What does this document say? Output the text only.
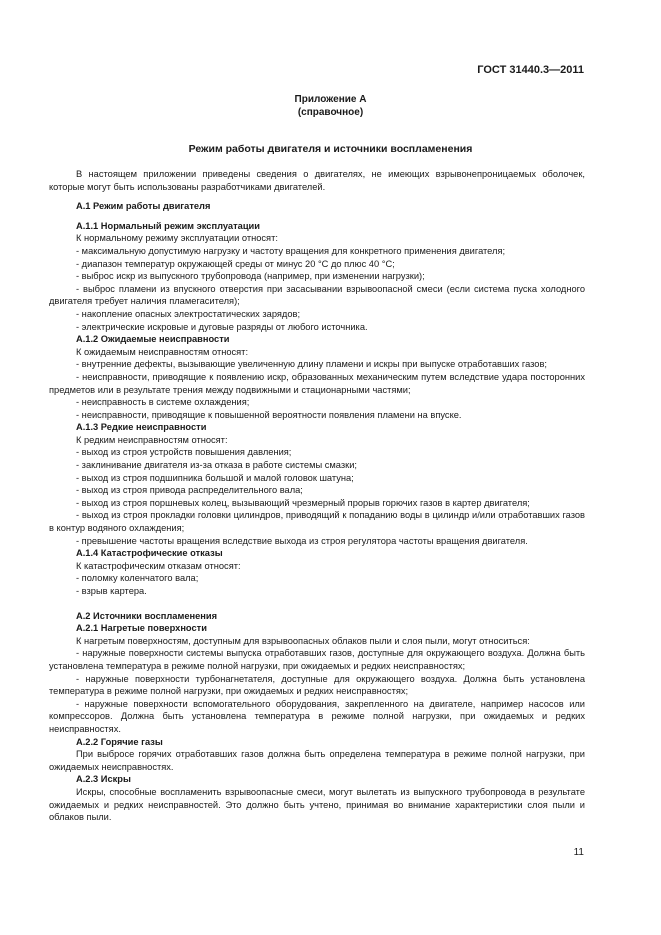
ГОСТ 31440.3—2011
Приложение А
(справочное)
Режим работы двигателя и источники воспламенения

В настоящем приложении приведены сведения о двигателях, не имеющих взрывонепроницаемых оболочек, которые могут быть использованы разработчиками двигателей.

А.1 Режим работы двигателя

А.1.1 Нормальный режим эксплуатации

К нормальному режиму эксплуатации относят:

- максимальную допустимую нагрузку и частоту вращения для конкретного применения двигателя;

- диапазон температур окружающей среды от минус 20 °С до плюс 40 °С;

- выброс искр из выпускного трубопровода (например, при изменении нагрузки);

- выброс пламени из впускного отверстия при засасывании взрывоопасной смеси (если система пуска холодного двигателя требует наличия пламегасителя);

- накопление опасных электростатических зарядов;

- электрические искровые и дуговые разряды от любого источника.

А.1.2 Ожидаемые неисправности

К ожидаемым неисправностям относят:

- внутренние дефекты, вызывающие увеличенную длину пламени и искры при выпуске отработавших газов;

- неисправности, приводящие к появлению искр, образованных механическим путем вследствие удара посторонних предметов или в результате трения между подвижными и стационарными частями;

- неисправность в системе охлаждения;

- неисправности, приводящие к повышенной вероятности появления пламени на впуске.

А.1.3 Редкие неисправности

К редким неисправностям относят:

- выход из строя устройств повышения давления;

- заклинивание двигателя из-за отказа в работе системы смазки;

- выход из строя подшипника большой и малой головок шатуна;

- выход из строя привода распределительного вала;

- выход из строя поршневых колец, вызывающий чрезмерный прорыв горючих газов в картер двигателя;

- выход из строя прокладки головки цилиндров, приводящий к попаданию воды в цилиндр и/или отработавших газов в контур водяного охлаждения;

- превышение частоты вращения вследствие выхода из строя регулятора частоты вращения двигателя.

А.1.4 Катастрофические отказы

К катастрофическим отказам относят:

- поломку коленчатого вала;

- взрыв картера.

А.2 Источники воспламенения

А.2.1 Нагретые поверхности

К нагретым поверхностям, доступным для взрывоопасных облаков пыли и слоя пыли, могут относиться:

- наружные поверхности системы выпуска отработавших газов, доступные для окружающего воздуха. Должна быть установлена температура в режиме полной нагрузки, при ожидаемых и редких неисправностях;

- наружные поверхности турбонагнетателя, доступные для окружающего воздуха. Должна быть установлена температура в режиме полной нагрузки, при ожидаемых и редких неисправностях;

- наружные поверхности вспомогательного оборудования, закрепленного на двигателе, например насосов или компрессоров. Должна быть установлена температура в режиме полной нагрузки, при ожидаемых и редких неисправностях.

А.2.2 Горячие газы

При выбросе горячих отработавших газов должна быть определена температура в режиме полной нагрузки, при ожидаемых неисправностях.

А.2.3 Искры

Искры, способные воспламенить взрывоопасные смеси, могут вылетать из выпускного трубопровода в результате ожидаемых и редких неисправностей. Это должно быть учтено, принимая во внимание характеристики слоя пыли и облаков пыли.

11
